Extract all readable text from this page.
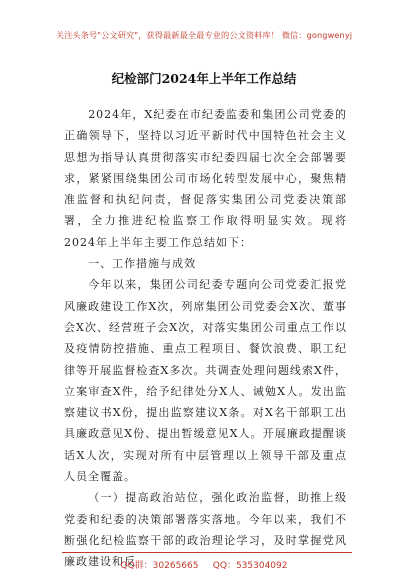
关注头条号"公文研究"，获得最新最全最专业的公文资料库！ 微信：gongwenyj
纪检部门2024年上半年工作总结

2024年，X纪委在市纪委监委和集团公司党委的正确领导下，坚持以习近平新时代中国特色社会主义思想为指导认真贯彻落实市纪委四届七次全会部署要求，紧紧围绕集团公司市场化转型发展中心，聚焦精准监督和执纪问责，督促落实集团公司党委决策部署，全力推进纪检监察工作取得明显实效。现将2024年上半年主要工作总结如下：

一、工作措施与成效

今年以来，集团公司纪委专题向公司党委汇报党风廉政建设工作X次，列席集团公司党委会X次、董事会X次、经营班子会X次，对落实集团公司重点工作以及疫情防控措施、重点工程项目、餐饮浪费、职工纪律等开展监督检查X多次。共调查处理问题线索X件，立案审查X件，给予纪律处分X人、诫勉X人。发出监察建议书X份，提出监察建议X条。对X名干部职工出具廉政意见X份、提出暂缓意见X人。开展廉政提醒谈话X人次，实现对所有中层管理以上领导干部及重点人员全覆盖。

（一）提高政治站位，强化政治监督，助推上级党委和纪委的决策部署落实落地。今年以来，我们不断强化纪检监察干部的政治理论学习，及时掌握党风廉政建设和反

QQ群：30265665     QQ：535304092
